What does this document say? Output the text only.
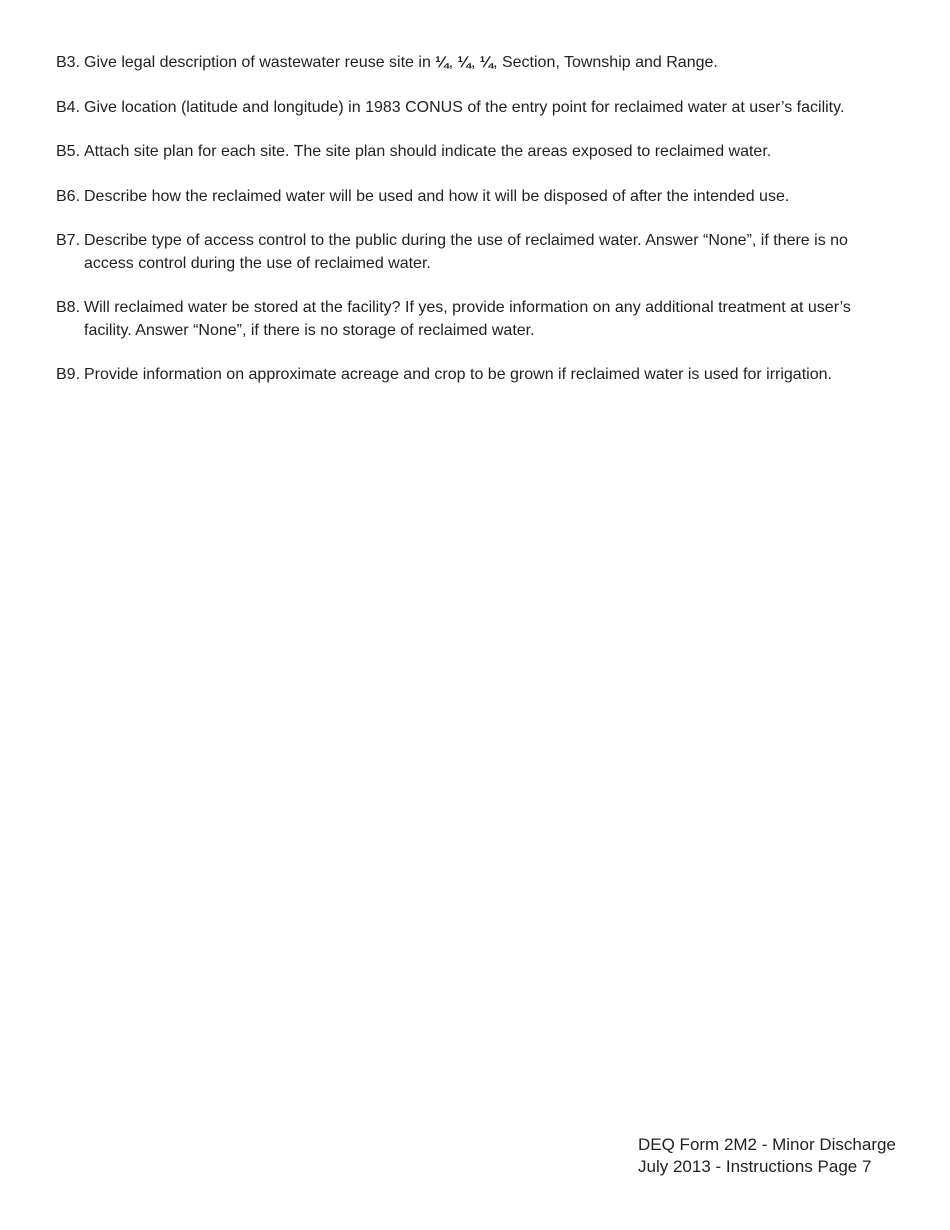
B3. Give legal description of wastewater reuse site in ¼, ¼, ¼, Section, Township and Range.
B4. Give location (latitude and longitude) in 1983 CONUS of the entry point for reclaimed water at user’s facility.
B5. Attach site plan for each site. The site plan should indicate the areas exposed to reclaimed water.
B6. Describe how the reclaimed water will be used and how it will be disposed of after the intended use.
B7. Describe type of access control to the public during the use of reclaimed water. Answer “None”, if there is no
access control during the use of reclaimed water.
B8. Will reclaimed water be stored at the facility? If yes, provide information on any additional treatment at user’s
facility. Answer “None”, if there is no storage of reclaimed water.
B9. Provide information on approximate acreage and crop to be grown if reclaimed water is used for irrigation.
DEQ Form 2M2 - Minor Discharge
July 2013 - Instructions Page 7
